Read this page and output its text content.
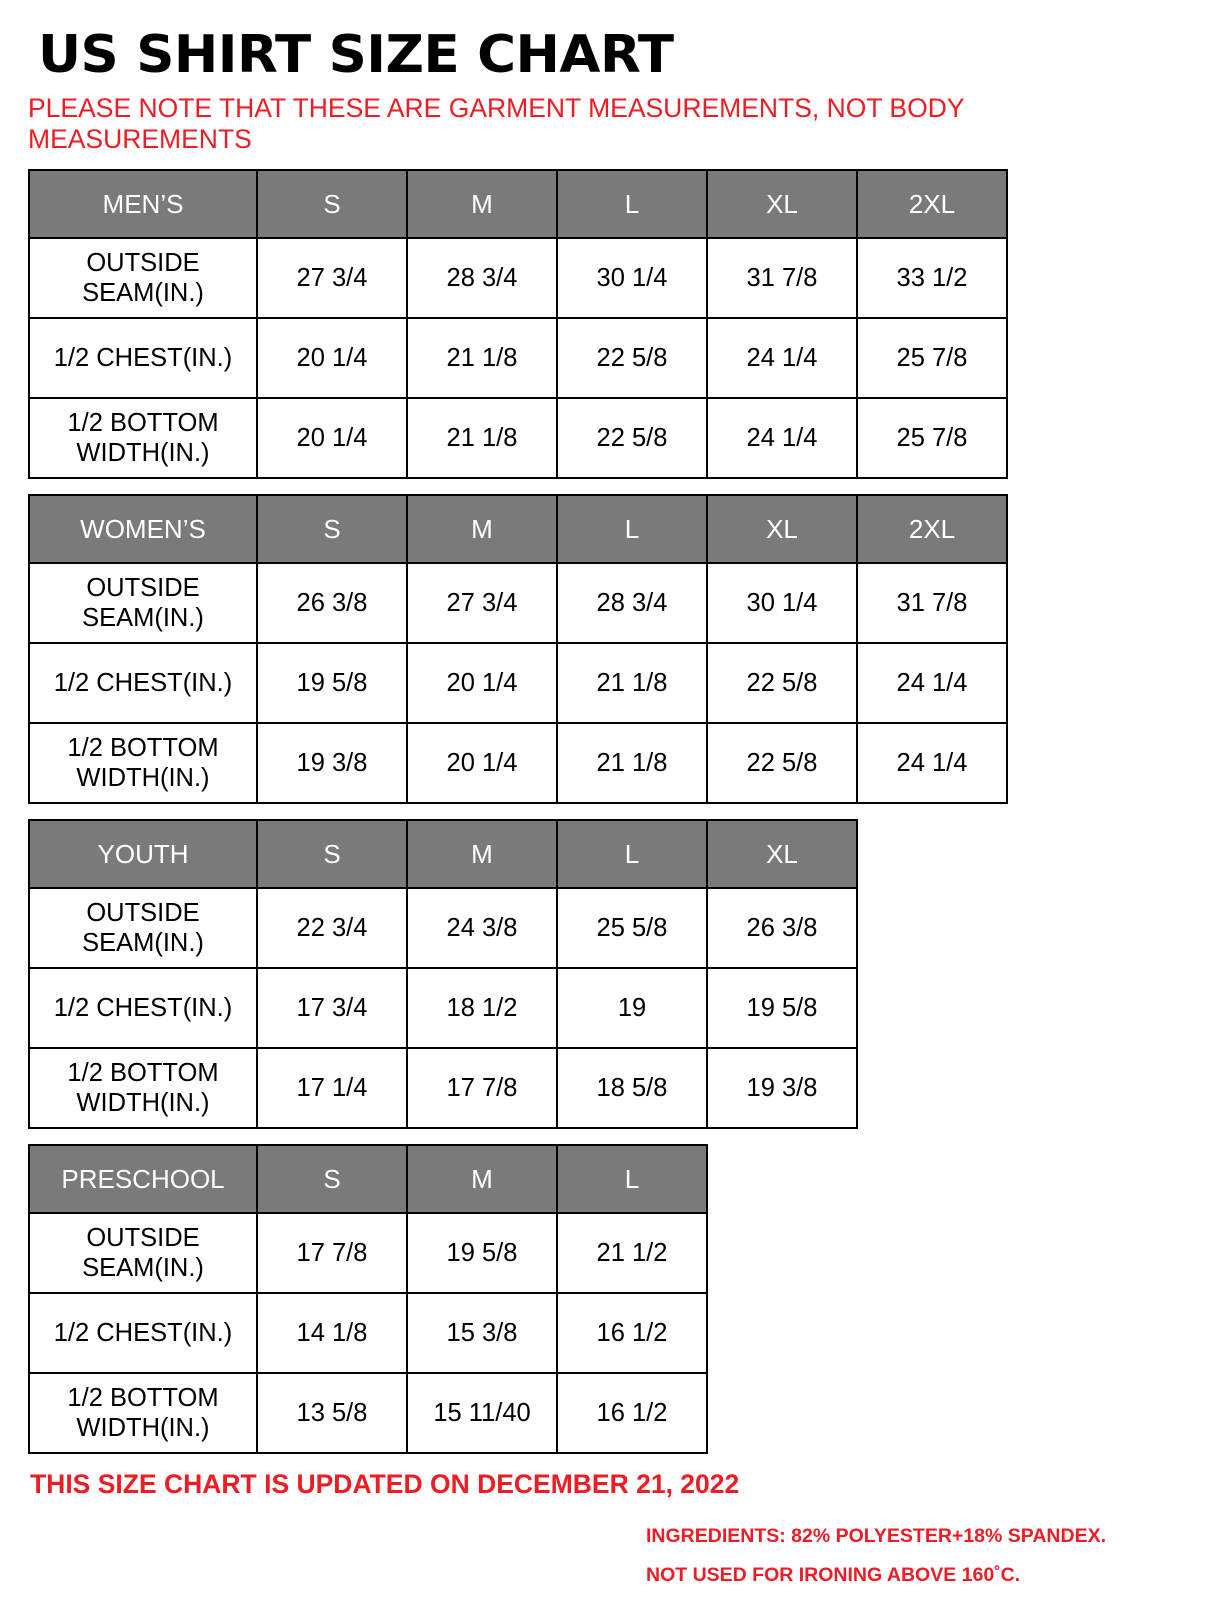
US SHIRT SIZE CHART
PLEASE NOTE THAT THESE ARE GARMENT MEASUREMENTS, NOT BODY MEASUREMENTS
MEN’S	S	M	L	XL	2XL
OUTSIDE SEAM(IN.)	27 3/4	28 3/4	30 1/4	31 7/8	33 1/2
1/2 CHEST(IN.)	20 1/4	21 1/8	22 5/8	24 1/4	25 7/8
1/2 BOTTOM WIDTH(IN.)	20 1/4	21 1/8	22 5/8	24 1/4	25 7/8
WOMEN’S	S	M	L	XL	2XL
OUTSIDE SEAM(IN.)	26 3/8	27 3/4	28 3/4	30 1/4	31 7/8
1/2 CHEST(IN.)	19 5/8	20 1/4	21 1/8	22 5/8	24 1/4
1/2 BOTTOM WIDTH(IN.)	19 3/8	20 1/4	21 1/8	22 5/8	24 1/4
YOUTH	S	M	L	XL
OUTSIDE SEAM(IN.)	22 3/4	24 3/8	25 5/8	26 3/8
1/2 CHEST(IN.)	17 3/4	18 1/2	19	19 5/8
1/2 BOTTOM WIDTH(IN.)	17 1/4	17 7/8	18 5/8	19 3/8
PRESCHOOL	S	M	L
OUTSIDE SEAM(IN.)	17 7/8	19 5/8	21 1/2
1/2 CHEST(IN.)	14 1/8	15 3/8	16 1/2
1/2 BOTTOM WIDTH(IN.)	13 5/8	15 11/40	16 1/2
INGREDIENTS: 82% POLYESTER+18% SPANDEX.
NOT USED FOR IRONING ABOVE 160˚C.
THIS SIZE CHART IS UPDATED ON DECEMBER 21, 2022
